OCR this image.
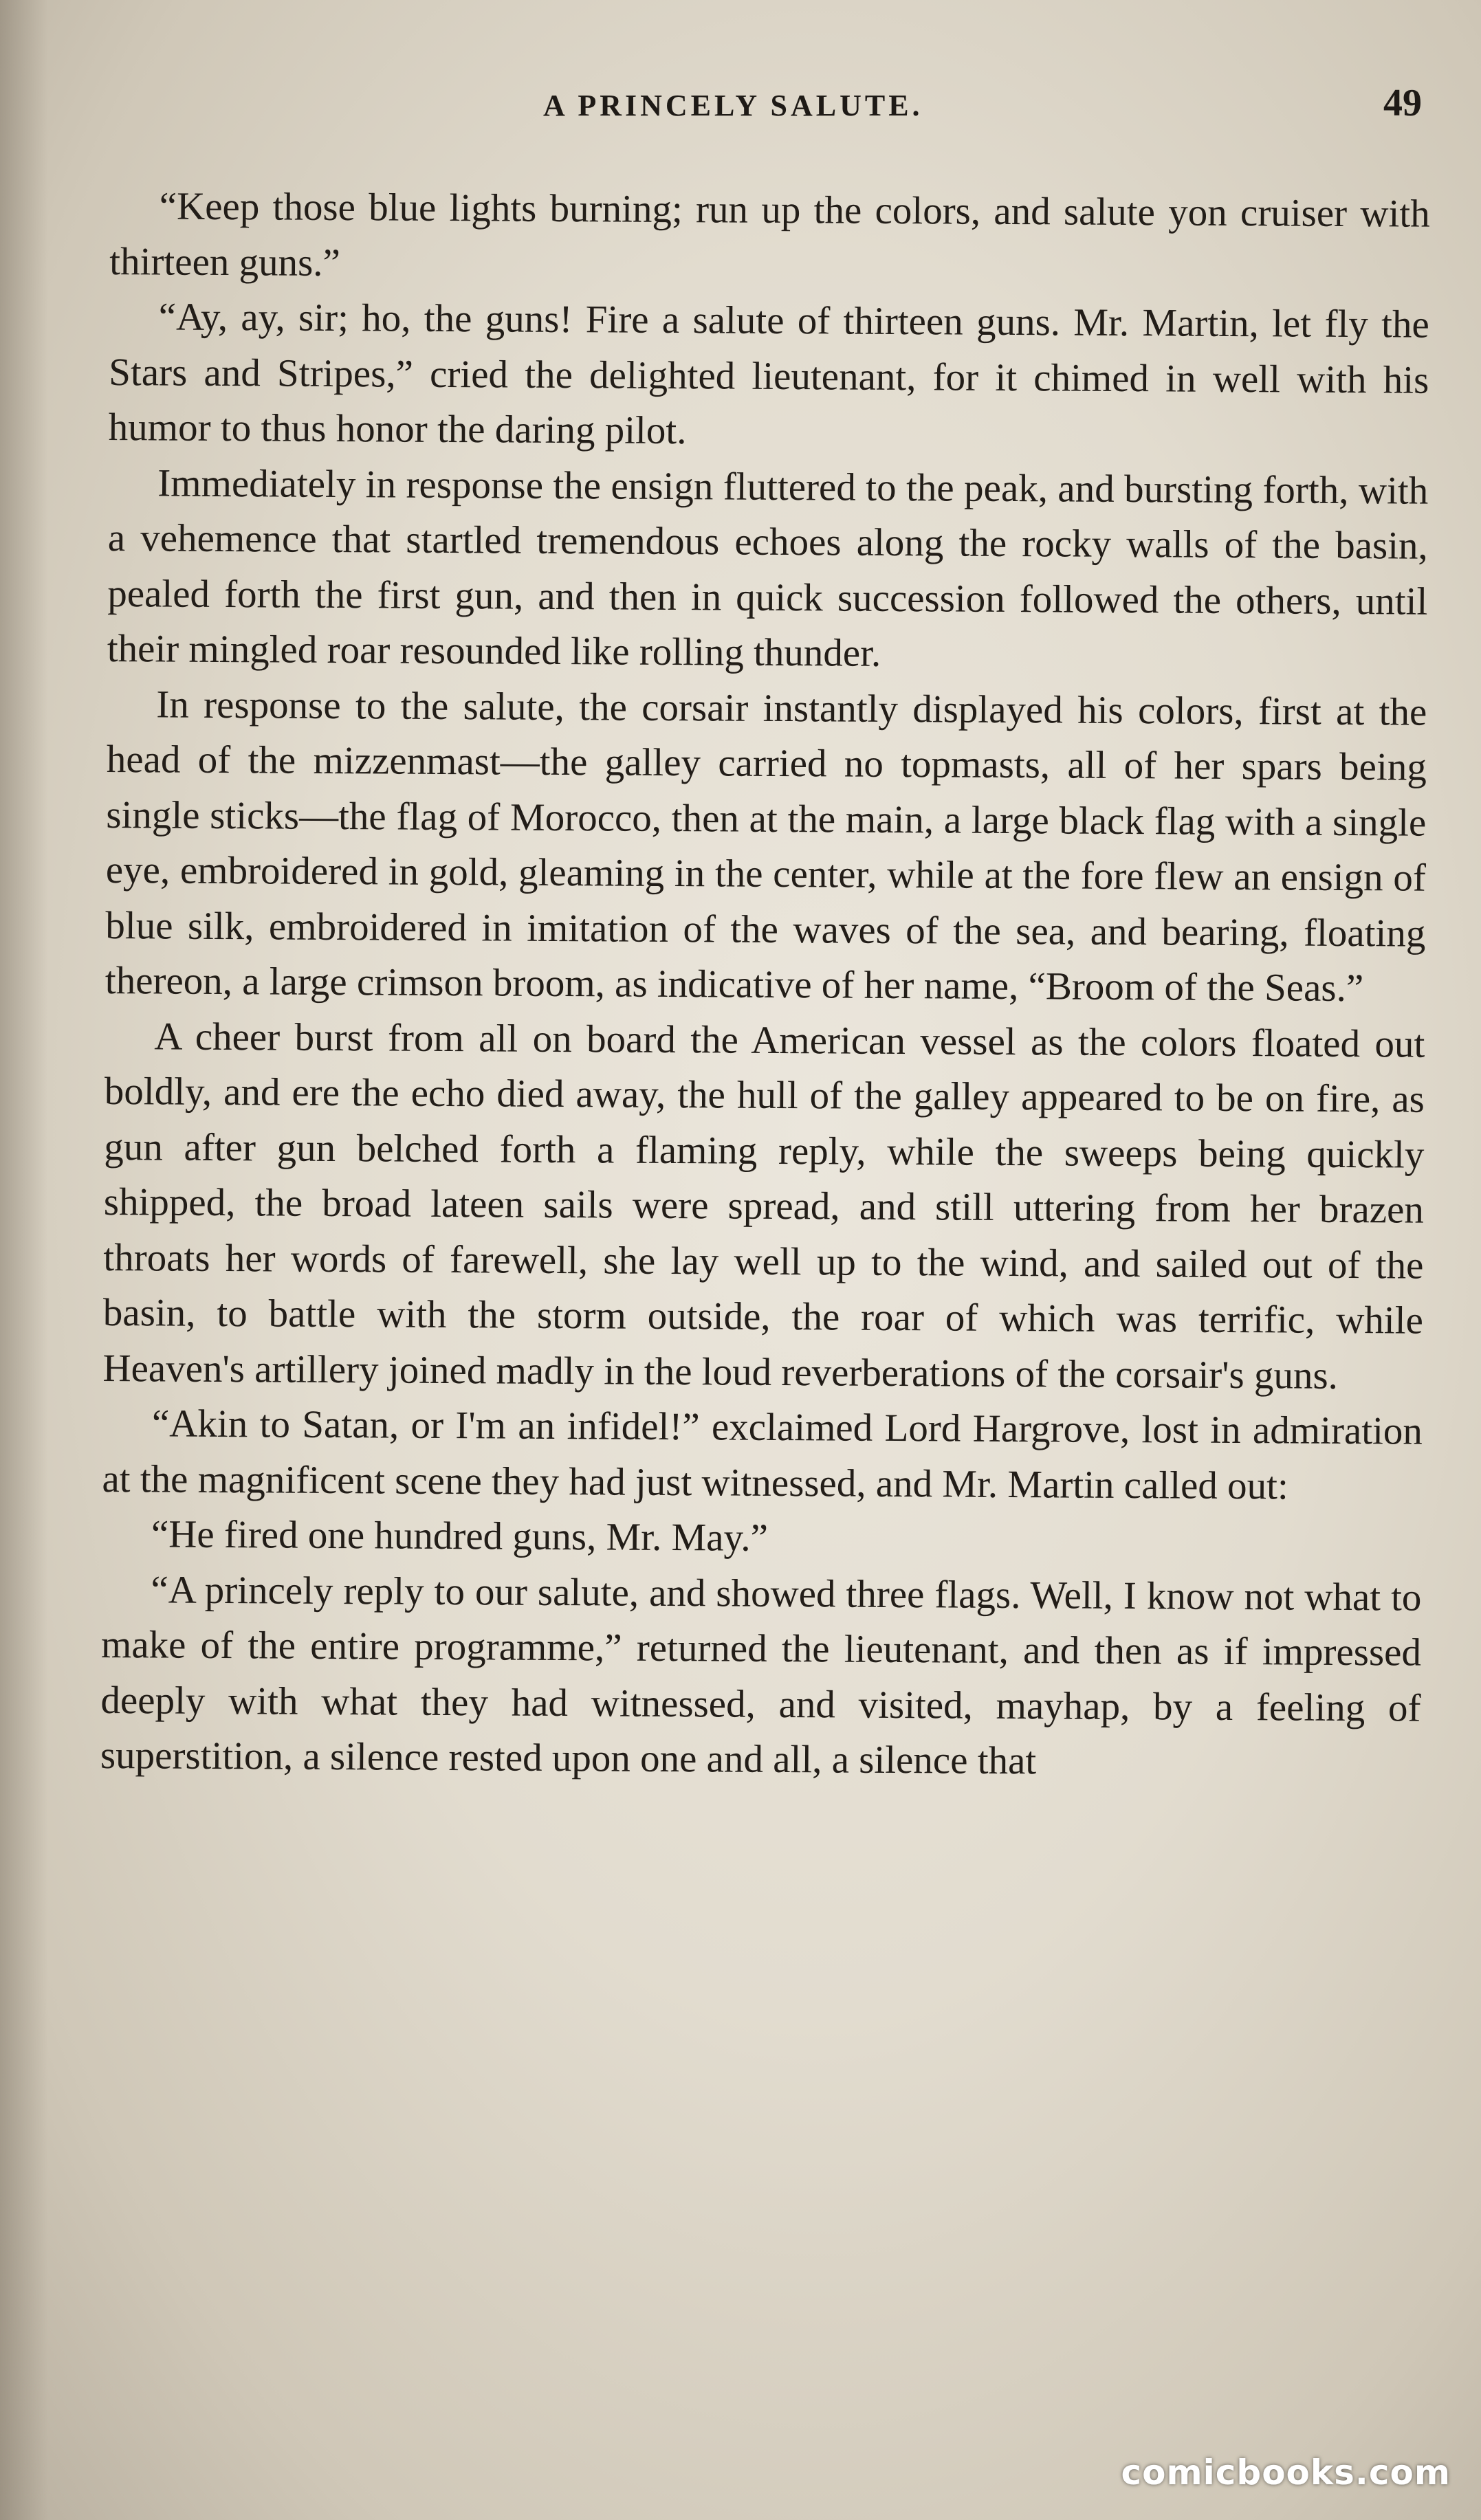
A PRINCELY SALUTE.	49

“Keep those blue lights burning; run up the colors, and salute yon cruiser with thirteen guns.”

“Ay, ay, sir; ho, the guns! Fire a salute of thirteen guns. Mr. Martin, let fly the Stars and Stripes,” cried the delighted lieutenant, for it chimed in well with his humor to thus honor the daring pilot.

Immediately in response the ensign fluttered to the peak, and bursting forth, with a vehemence that startled tremendous echoes along the rocky walls of the basin, pealed forth the first gun, and then in quick succession followed the others, until their mingled roar resounded like rolling thunder.

In response to the salute, the corsair instantly displayed his colors, first at the head of the mizzenmast—the galley carried no topmasts, all of her spars being single sticks—the flag of Morocco, then at the main, a large black flag with a single eye, embroidered in gold, gleaming in the center, while at the fore flew an ensign of blue silk, embroidered in imitation of the waves of the sea, and bearing, floating thereon, a large crimson broom, as indicative of her name, “Broom of the Seas.”

A cheer burst from all on board the American vessel as the colors floated out boldly, and ere the echo died away, the hull of the galley appeared to be on fire, as gun after gun belched forth a flaming reply, while the sweeps being quickly shipped, the broad lateen sails were spread, and still uttering from her brazen throats her words of farewell, she lay well up to the wind, and sailed out of the basin, to battle with the storm outside, the roar of which was terrific, while Heaven's artillery joined madly in the loud reverberations of the corsair's guns.

“Akin to Satan, or I'm an infidel!” exclaimed Lord Hargrove, lost in admiration at the magnificent scene they had just witnessed, and Mr. Martin called out:

“He fired one hundred guns, Mr. May.”

“A princely reply to our salute, and showed three flags. Well, I know not what to make of the entire programme,” returned the lieutenant, and then as if impressed deeply with what they had witnessed, and visited, mayhap, by a feeling of superstition, a silence rested upon one and all, a silence that

comicbooks.com
